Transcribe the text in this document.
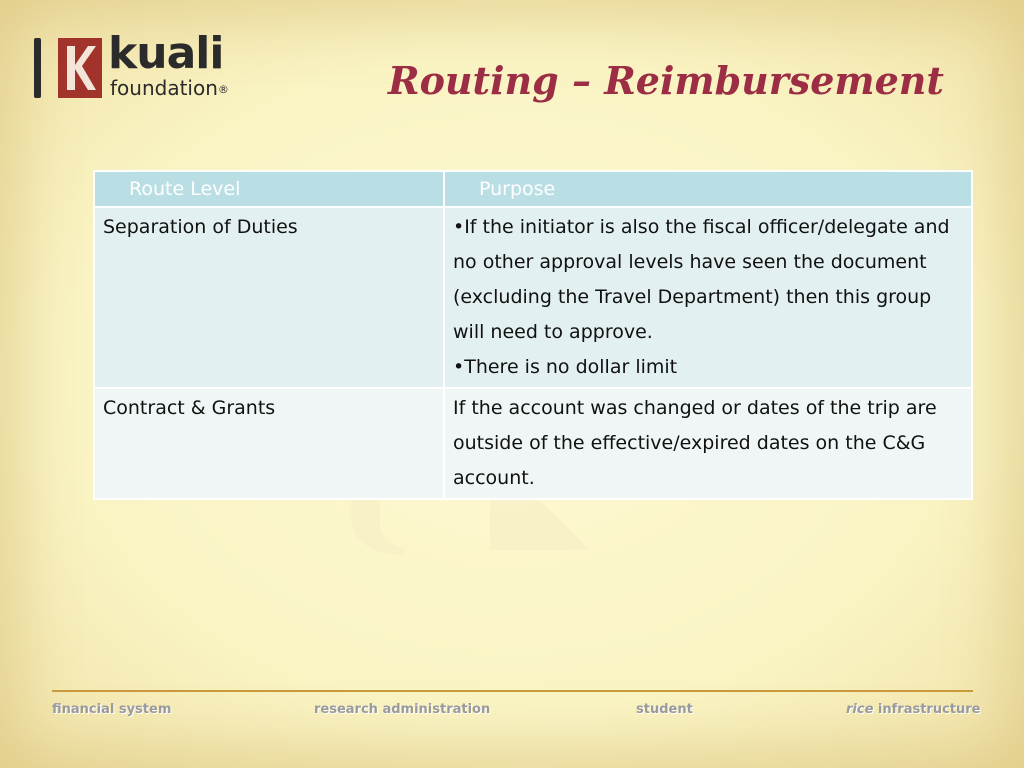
kuali
foundation®	Routing – Reimbursement
Route Level	Purpose
Separation of Duties	•If the initiator is also the fiscal officer/delegate and no other approval levels have seen the document (excluding the Travel Department) then this group will need to approve.
•There is no dollar limit

Contract & Grants	If the account was changed or dates of the trip are outside of the effective/expired dates on the C&G account.
financial system	research administration	student	rice infrastructure
